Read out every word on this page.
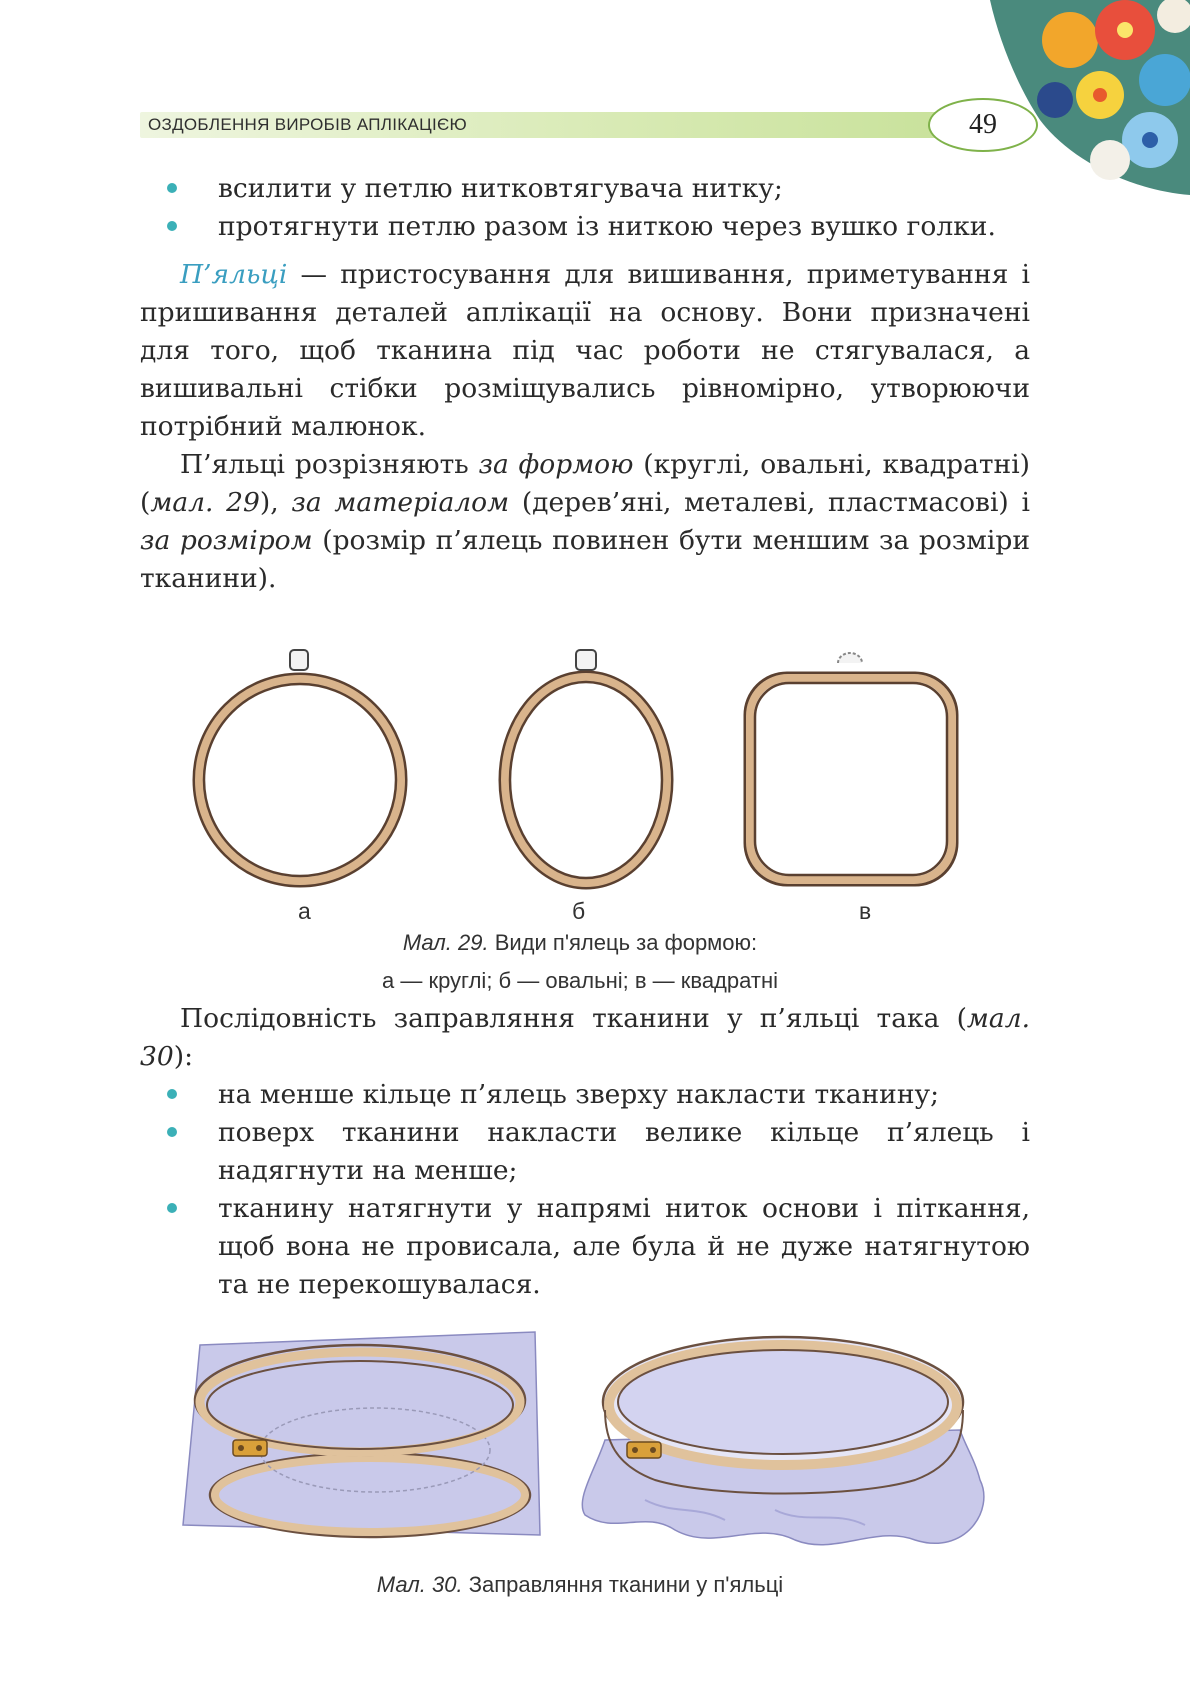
ОЗДОБЛЕННЯ ВИРОБІВ АПЛІКАЦІЄЮ	49
всилити у петлю нитковтягувача нитку;
протягнути петлю разом із ниткою через вушко голки.

П’яльці — пристосування для вишивання, приметування і пришивання деталей аплікації на основу. Вони призначені для того, щоб тканина під час роботи не стягувалася, а вишивальні стібки розміщувались рівномірно, утворюючи потрібний малюнок.

П’яльці розрізняють за формою (круглі, овальні, квадратні) (мал. 29), за матеріалом (дерев’яні, металеві, пластмасові) і за розміром (розмір п’ялець повинен бути меншим за розміри тканини).

а	б	в
Мал. 29. Види п'ялець за формою:
а — круглі; б — овальні; в — квадратні

Послідовність заправляння тканини у п’яльці така (мал. 30):

на менше кільце п’ялець зверху накласти тканину;
поверх тканини накласти велике кільце п’ялець і надягнути на менше;
тканину натягнути у напрямі ниток основи і піткання, щоб вона не провисала, але була й не дуже натягнутою та не перекошувалася.
Мал. 30. Заправляння тканини у п'яльці
